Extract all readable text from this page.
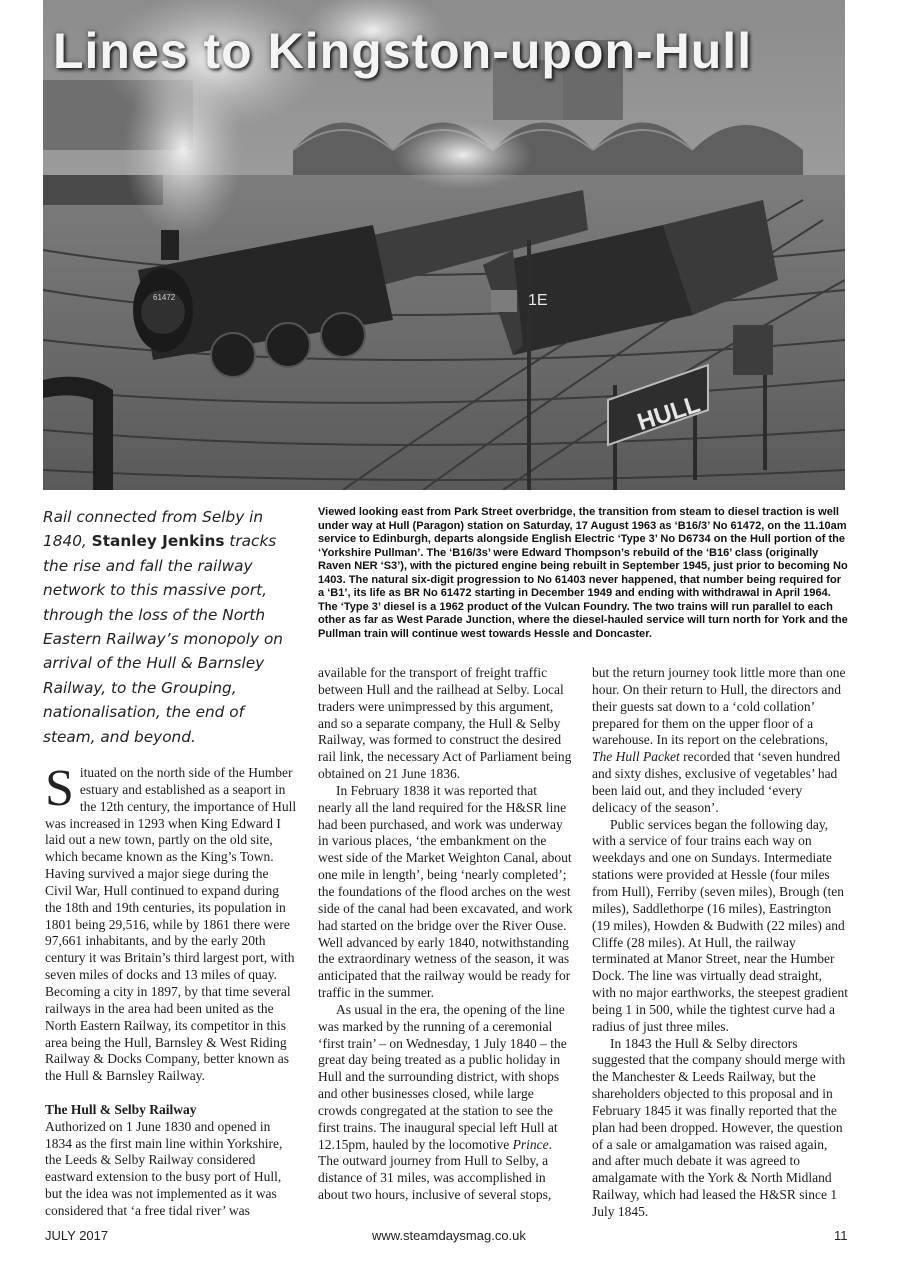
HULL
61472	1E
Lines to Kingston-upon-Hull

Rail connected from Selby in 1840, Stanley Jenkins tracks the rise and fall the railway network to this massive port, through the loss of the North Eastern Railway’s monopoly on arrival of the Hull & Barnsley Railway, to the Grouping, nationalisation, the end of steam, and beyond.

Viewed looking east from Park Street overbridge, the transition from steam to diesel traction is well under way at Hull (Paragon) station on Saturday, 17 August 1963 as ‘B16/3’ No 61472, on the 11.10am service to Edinburgh, departs alongside English Electric ‘Type 3’ No D6734 on the Hull portion of the ‘Yorkshire Pullman’. The ‘B16/3s’ were Edward Thompson’s rebuild of the ‘B16’ class (originally Raven NER ‘S3’), with the pictured engine being rebuilt in September 1945, just prior to becoming No 1403. The natural six-digit progression to No 61403 never happened, that number being required for a ‘B1’, its life as BR No 61472 starting in December 1949 and ending with withdrawal in April 1964. The ‘Type 3’ diesel is a 1962 product of the Vulcan Foundry. The two trains will run parallel to each other as far as West Parade Junction, where the diesel-hauled service will turn north for York and the Pullman train will continue west towards Hessle and Doncaster.

Situated on the north side of the Humber estuary and established as a seaport in the 12th century, the importance of Hull was increased in 1293 when King Edward I laid out a new town, partly on the old site, which became known as the King’s Town. Having survived a major siege during the Civil War, Hull continued to expand during the 18th and 19th centuries, its population in 1801 being 29,516, while by 1861 there were 97,661 inhabitants, and by the early 20th century it was Britain’s third largest port, with seven miles of docks and 13 miles of quay. Becoming a city in 1897, by that time several railways in the area had been united as the North Eastern Railway, its competitor in this area being the Hull, Barnsley & West Riding Railway & Docks Company, better known as the Hull & Barnsley Railway.

The Hull & Selby Railway

Authorized on 1 June 1830 and opened in 1834 as the first main line within Yorkshire, the Leeds & Selby Railway considered eastward extension to the busy port of Hull, but the idea was not implemented as it was considered that ‘a free tidal river’ was

available for the transport of freight traffic between Hull and the railhead at Selby. Local traders were unimpressed by this argument, and so a separate company, the Hull & Selby Railway, was formed to construct the desired rail link, the necessary Act of Parliament being obtained on 21 June 1836.

In February 1838 it was reported that nearly all the land required for the H&SR line had been purchased, and work was underway in various places, ‘the embankment on the west side of the Market Weighton Canal, about one mile in length’, being ‘nearly completed’; the foundations of the flood arches on the west side of the canal had been excavated, and work had started on the bridge over the River Ouse. Well advanced by early 1840, notwithstanding the extraordinary wetness of the season, it was anticipated that the railway would be ready for traffic in the summer.

As usual in the era, the opening of the line was marked by the running of a ceremonial ‘first train’ – on Wednesday, 1 July 1840 – the great day being treated as a public holiday in Hull and the surrounding district, with shops and other businesses closed, while large crowds congregated at the station to see the first trains. The inaugural special left Hull at 12.15pm, hauled by the locomotive Prince. The outward journey from Hull to Selby, a distance of 31 miles, was accomplished in about two hours, inclusive of several stops,

but the return journey took little more than one hour. On their return to Hull, the directors and their guests sat down to a ‘cold collation’ prepared for them on the upper floor of a warehouse. In its report on the celebrations, The Hull Packet recorded that ‘seven hundred and sixty dishes, exclusive of vegetables’ had been laid out, and they included ‘every delicacy of the season’.

Public services began the following day, with a service of four trains each way on weekdays and one on Sundays. Intermediate stations were provided at Hessle (four miles from Hull), Ferriby (seven miles), Brough (ten miles), Saddlethorpe (16 miles), Eastrington (19 miles), Howden & Budwith (22 miles) and Cliffe (28 miles). At Hull, the railway terminated at Manor Street, near the Humber Dock. The line was virtually dead straight, with no major earthworks, the steepest gradient being 1 in 500, while the tightest curve had a radius of just three miles.

In 1843 the Hull & Selby directors suggested that the company should merge with the Manchester & Leeds Railway, but the shareholders objected to this proposal and in February 1845 it was finally reported that the plan had been dropped. However, the question of a sale or amalgamation was raised again, and after much debate it was agreed to amalgamate with the York & North Midland Railway, which had leased the H&SR since 1 July 1845.

JULY 2017	www.steamdaysmag.co.uk	11
